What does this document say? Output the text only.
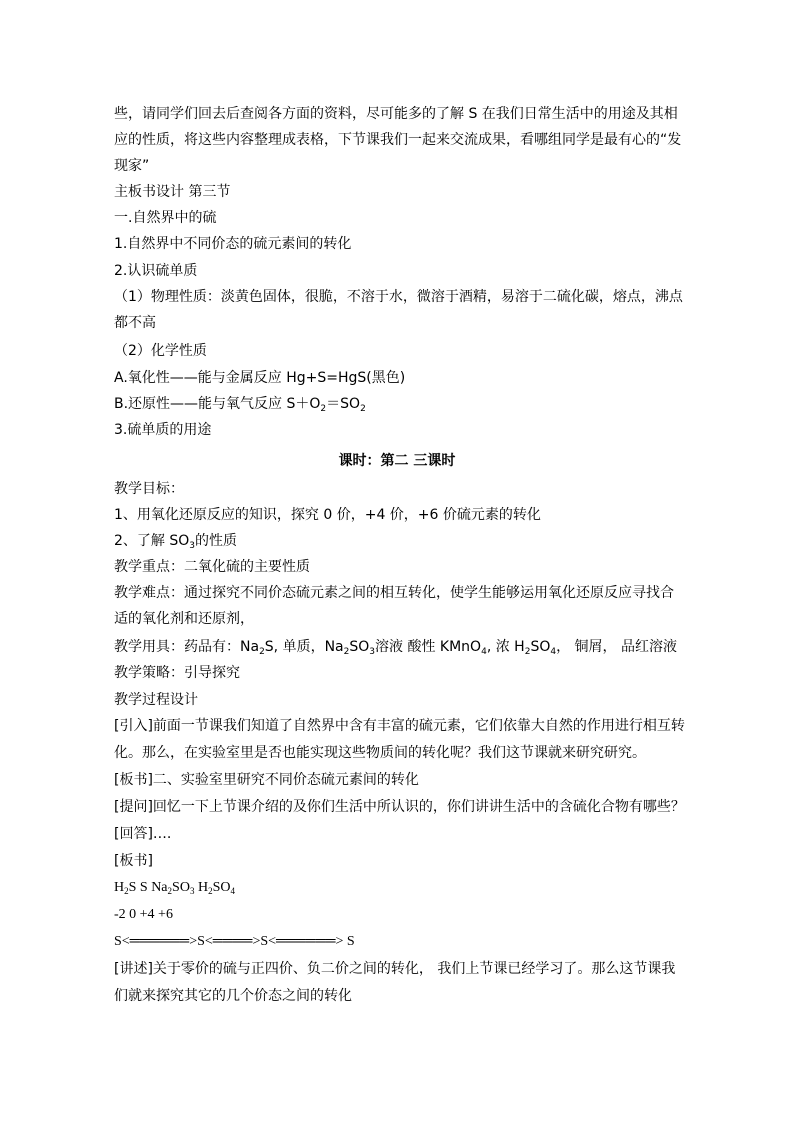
些，请同学们回去后查阅各方面的资料，尽可能多的了解 S 在我们日常生活中的用途及其相
应的性质，将这些内容整理成表格，下节课我们一起来交流成果，看哪组同学是最有心的“发
现家”
主板书设计 第三节
一.自然界中的硫
1.自然界中不同价态的硫元素间的转化
2.认识硫单质
（1）物理性质：淡黄色固体，很脆，不溶于水，微溶于酒精，易溶于二硫化碳，熔点，沸点
都不高
（2）化学性质
A.氧化性——能与金属反应 Hg+S=HgS(黑色)
B.还原性——能与氧气反应 $S+O_2=SO_2$
3.硫单质的用途
课时：第二 三课时
教学目标：
1、用氧化还原反应的知识，探究 0 价，+4 价，+6 价硫元素的转化
2、了解 $SO_3$的性质
教学重点：二氧化硫的主要性质
教学难点：通过探究不同价态硫元素之间的相互转化，使学生能够运用氧化还原反应寻找合
适的氧化剂和还原剂，
教学用具：药品有：$Na_2S$, 单质，$Na_2SO_3$溶液 酸性 KMnO$_4$, 浓 $H_2SO_4$， 铜屑， 品红溶液
教学策略：引导探究
教学过程设计
[引入]前面一节课我们知道了自然界中含有丰富的硫元素，它们依靠大自然的作用进行相互转
化。那么，在实验室里是否也能实现这些物质间的转化呢？我们这节课就来研究研究。
[板书]二、实验室里研究不同价态硫元素间的转化
[提问]回忆一下上节课介绍的及你们生活中所认识的，你们讲讲生活中的含硫化合物有哪些？
[回答]….
[板书]
$H_2S$ S $Na_2SO_3$ $H_2SO_4$
-2 0 +4 +6
S<══════>S<════>S<══════> S
[讲述]关于零价的硫与正四价、负二价之间的转化， 我们上节课已经学习了。那么这节课我
们就来探究其它的几个价态之间的转化
